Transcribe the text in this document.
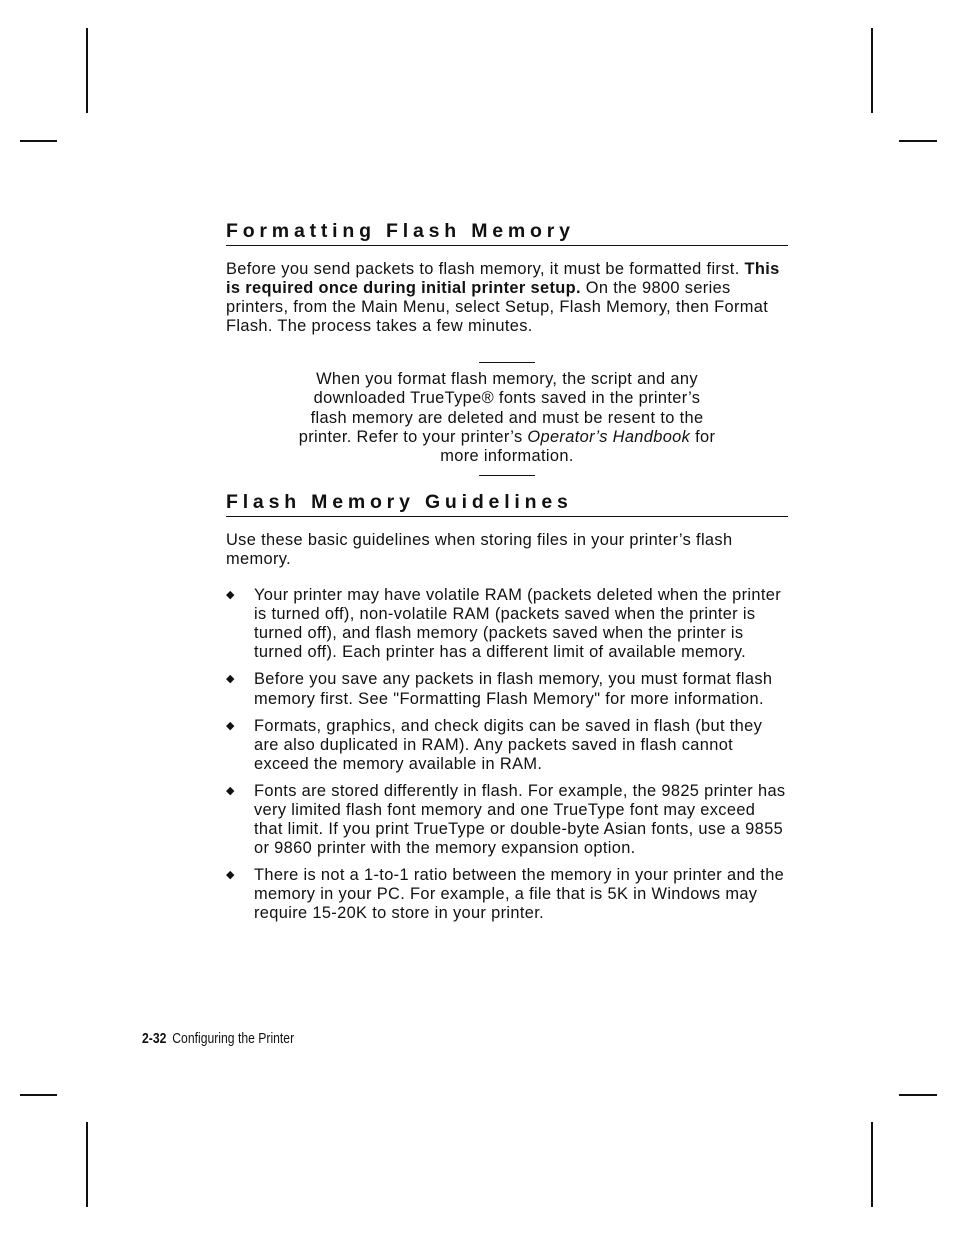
Formatting Flash Memory

Before you send packets to flash memory, it must be formatted first. This is required once during initial printer setup. On the 9800 series printers, from the Main Menu, select Setup, Flash Memory, then Format Flash. The process takes a few minutes.

When you format flash memory, the script and any downloaded TrueType® fonts saved in the printer’s flash memory are deleted and must be resent to the printer. Refer to your printer’s Operator’s Handbook for more information.
Flash Memory Guidelines

Use these basic guidelines when storing files in your printer’s flash memory.

◆ Your printer may have volatile RAM (packets deleted when the printer is turned off), non-volatile RAM (packets saved when the printer is turned off), and flash memory (packets saved when the printer is turned off). Each printer has a different limit of available memory.
◆ Before you save any packets in flash memory, you must format flash memory first. See "Formatting Flash Memory" for more information.
◆ Formats, graphics, and check digits can be saved in flash (but they are also duplicated in RAM). Any packets saved in flash cannot exceed the memory available in RAM.
◆ Fonts are stored differently in flash. For example, the 9825 printer has very limited flash font memory and one TrueType font may exceed that limit. If you print TrueType or double-byte Asian fonts, use a 9855 or 9860 printer with the memory expansion option.
◆ There is not a 1-to-1 ratio between the memory in your printer and the memory in your PC. For example, a file that is 5K in Windows may require 15-20K to store in your printer.
2-32 Configuring the Printer
